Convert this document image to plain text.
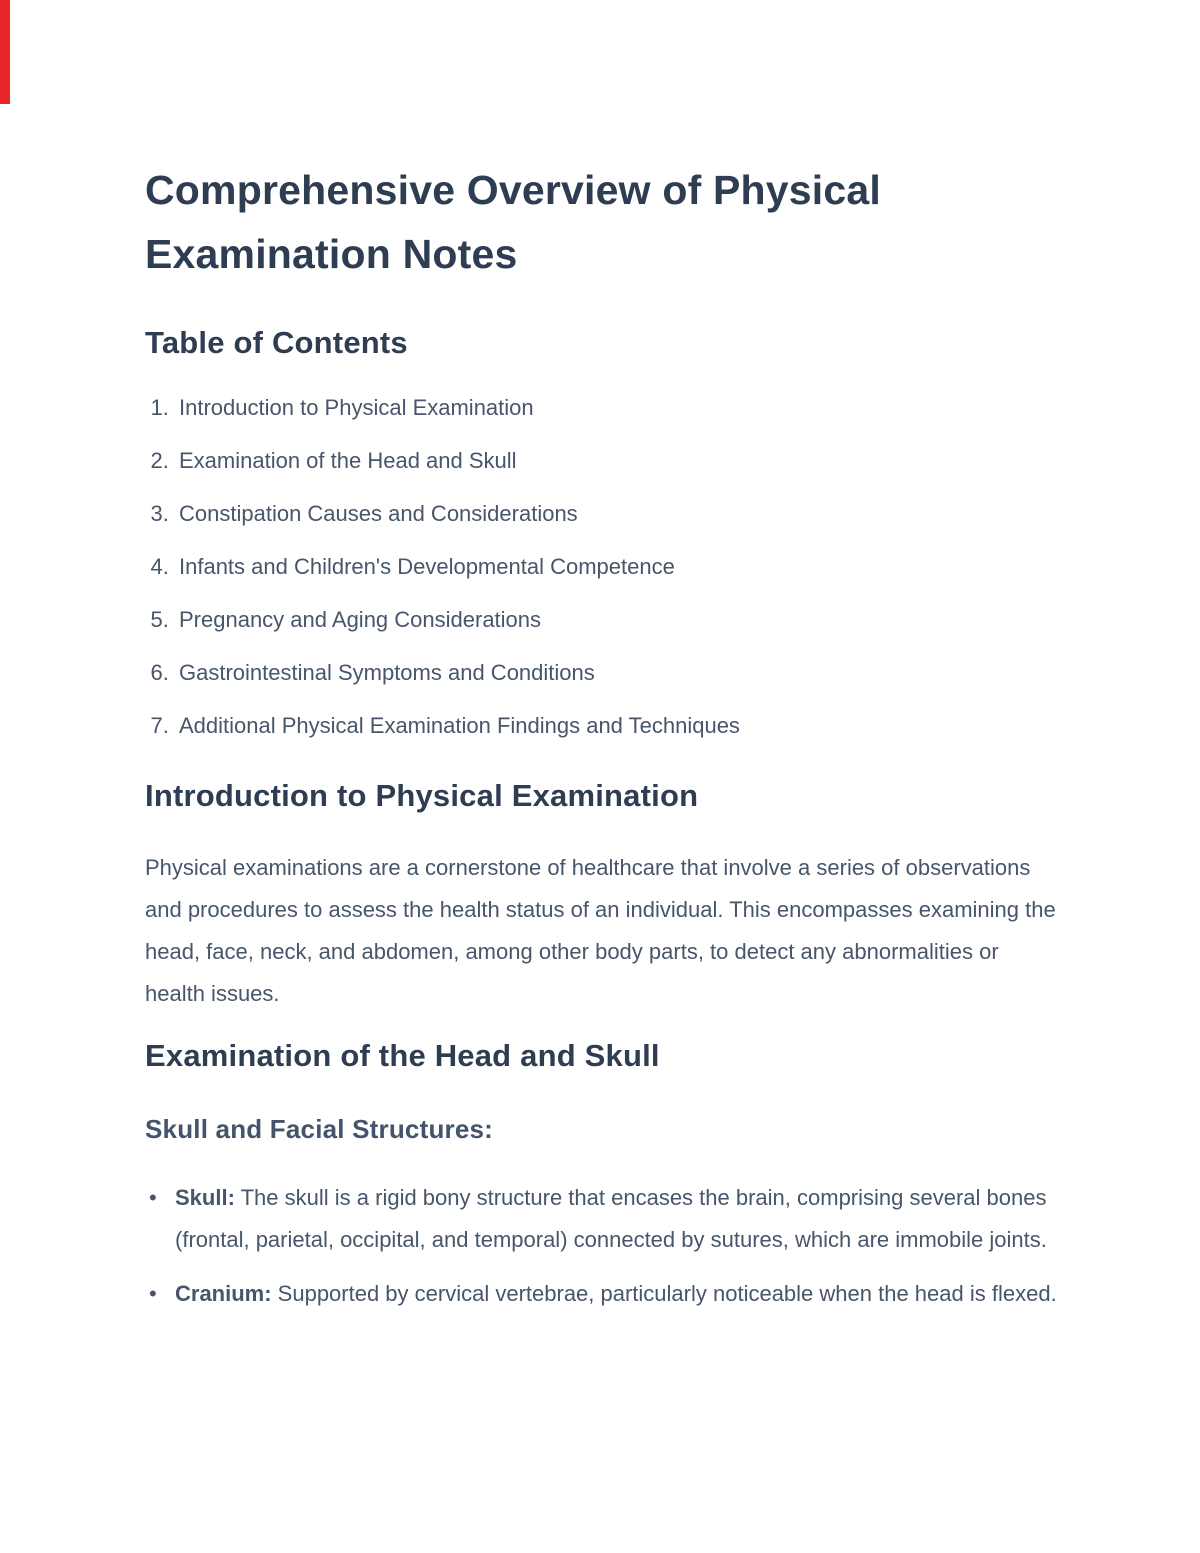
Comprehensive Overview of Physical Examination Notes
Table of Contents
1. Introduction to Physical Examination
2. Examination of the Head and Skull
3. Constipation Causes and Considerations
4. Infants and Children's Developmental Competence
5. Pregnancy and Aging Considerations
6. Gastrointestinal Symptoms and Conditions
7. Additional Physical Examination Findings and Techniques
Introduction to Physical Examination

Physical examinations are a cornerstone of healthcare that involve a series of observations and procedures to assess the health status of an individual. This encompasses examining the head, face, neck, and abdomen, among other body parts, to detect any abnormalities or health issues.

Examination of the Head and Skull
Skull and Facial Structures:
• Skull: The skull is a rigid bony structure that encases the brain, comprising several bones (frontal, parietal, occipital, and temporal) connected by sutures, which are immobile joints.
• Cranium: Supported by cervical vertebrae, particularly noticeable when the head is flexed.
